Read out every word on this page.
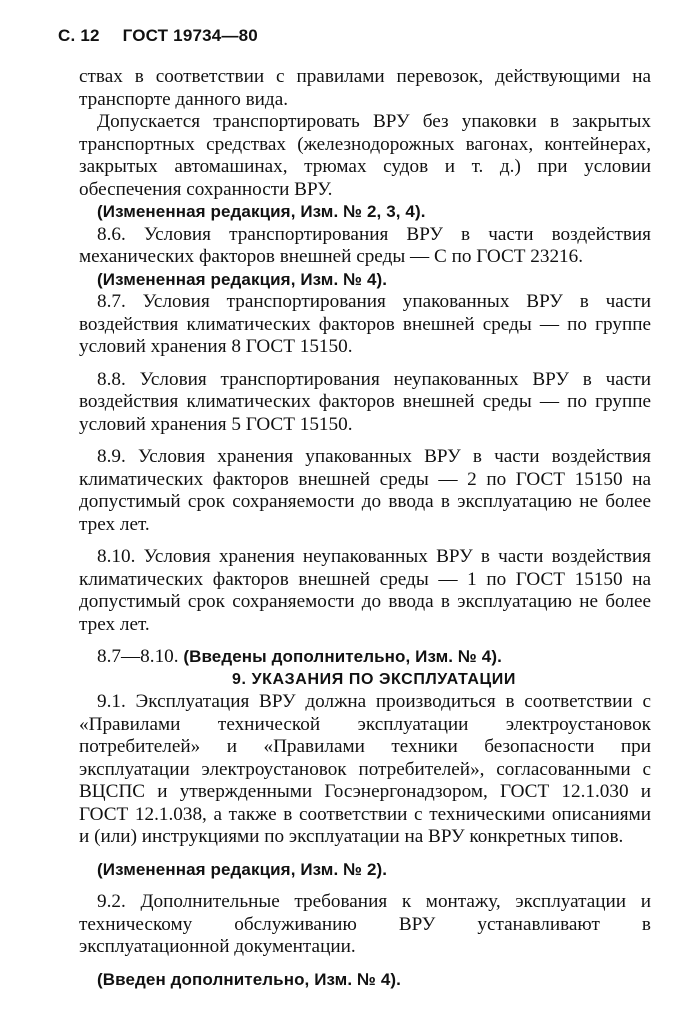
С. 12 ГОСТ 19734—80

ствах в соответствии с правилами перевозок, действующими на транспорте данного вида.

Допускается транспортировать ВРУ без упаковки в закрытых транспортных средствах (железнодорожных вагонах, контейнерах, закрытых автомашинах, трюмах судов и т. д.) при условии обеспечения сохранности ВРУ.

(Измененная редакция, Изм. № 2, 3, 4).

8.6. Условия транспортирования ВРУ в части воздействия механических факторов внешней среды — С по ГОСТ 23216.

(Измененная редакция, Изм. № 4).

8.7. Условия транспортирования упакованных ВРУ в части воздействия климатических факторов внешней среды — по группе условий хранения 8 ГОСТ 15150.

8.8. Условия транспортирования неупакованных ВРУ в части воздействия климатических факторов внешней среды — по группе условий хранения 5 ГОСТ 15150.

8.9. Условия хранения упакованных ВРУ в части воздействия климатических факторов внешней среды — 2 по ГОСТ 15150 на допустимый срок сохраняемости до ввода в эксплуатацию не более трех лет.

8.10. Условия хранения неупакованных ВРУ в части воздействия климатических факторов внешней среды — 1 по ГОСТ 15150 на допустимый срок сохраняемости до ввода в эксплуатацию не более трех лет.

8.7—8.10. (Введены дополнительно, Изм. № 4).

9. УКАЗАНИЯ ПО ЭКСПЛУАТАЦИИ

9.1. Эксплуатация ВРУ должна производиться в соответствии с «Правилами технической эксплуатации электроустановок потребителей» и «Правилами техники безопасности при эксплуатации электроустановок потребителей», согласованными с ВЦСПС и утвержденными Госэнергонадзором, ГОСТ 12.1.030 и ГОСТ 12.1.038, а также в соответствии с техническими описаниями и (или) инструкциями по эксплуатации на ВРУ конкретных типов.

(Измененная редакция, Изм. № 2).

9.2. Дополнительные требования к монтажу, эксплуатации и техническому обслуживанию ВРУ устанавливают в эксплуатационной документации.

(Введен дополнительно, Изм. № 4).
